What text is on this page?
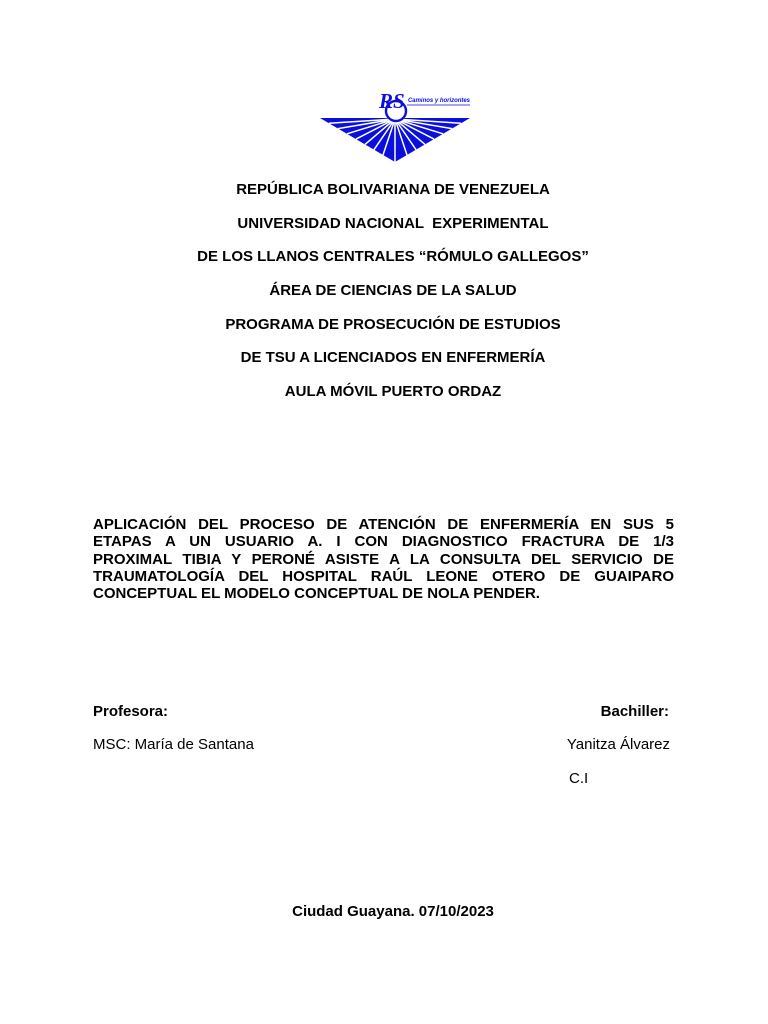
RS Caminos y horizontes
REPÚBLICA BOLIVARIANA DE VENEZUELA
UNIVERSIDAD NACIONAL  EXPERIMENTAL
DE LOS LLANOS CENTRALES “RÓMULO GALLEGOS”
ÁREA DE CIENCIAS DE LA SALUD
PROGRAMA DE PROSECUCIÓN DE ESTUDIOS
DE TSU A LICENCIADOS EN ENFERMERÍA
AULA MÓVIL PUERTO ORDAZ
APLICACIÓN DEL PROCESO DE ATENCIÓN DE ENFERMERÍA EN SUS 5
ETAPAS A UN USUARIO A. I CON DIAGNOSTICO FRACTURA DE 1/3
PROXIMAL TIBIA Y PERONÉ ASISTE A LA CONSULTA DEL SERVICIO DE
TRAUMATOLOGÍA DEL HOSPITAL RAÚL LEONE OTERO DE GUAIPARO
CONCEPTUAL EL MODELO CONCEPTUAL DE NOLA PENDER.
Profesora:	Bachiller:
MSC: María de Santana	Yanitza Álvarez
C.I
Ciudad Guayana. 07/10/2023
